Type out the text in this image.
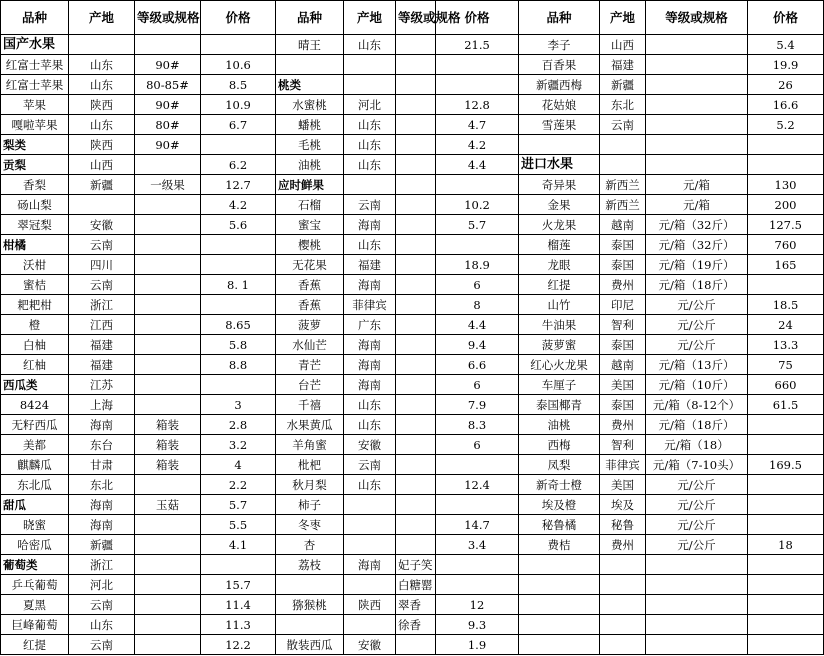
品种	产地	等级或规格	价格	品种	产地	等级或规格	价格	品种	产地	等级或规格	价格
国产水果				晴王	山东		21.5	李子	山西		5.4
红富士苹果	山东	90#	10.6					百香果	福建		19.9
红富士苹果	山东	80-85#	8.5	桃类				新疆西梅	新疆		26
苹果	陕西	90#	10.9	水蜜桃	河北		12.8	花姑娘	东北		16.6
嘎啦苹果	山东	80#	6.7	蟠桃	山东		4.7	雪莲果	云南		5.2
梨类	陕西	90#		毛桃	山东		4.2				
贡梨	山西		6.2	油桃	山东		4.4	进口水果			
香梨	新疆	一级果	12.7	应时鲜果				奇异果	新西兰	元/箱	130
砀山梨			4.2	石榴	云南		10.2	金果	新西兰	元/箱	200
翠冠梨	安徽		5.6	蜜宝	海南		5.7	火龙果	越南	元/箱（32斤）	127.5
柑橘	云南			樱桃	山东			榴莲	泰国	元/箱（32斤）	760
沃柑	四川			无花果	福建		18.9	龙眼	泰国	元/箱（19斤）	165
蜜桔	云南		8. 1	香蕉	海南		6	红提	费州	元/箱（18斤）	
耙耙柑	浙江			香蕉	菲律宾		8	山竹	印尼	元/公斤	18.5
橙	江西		8.65	菠萝	广东		4.4	牛油果	智利	元/公斤	24
白柚	福建		5.8	水仙芒	海南		9.4	菠萝蜜	泰国	元/公斤	13.3
红柚	福建		8.8	青芒	海南		6.6	红心火龙果	越南	元/箱（13斤）	75
西瓜类	江苏			台芒	海南		6	车厘子	美国	元/箱（10斤）	660
8424	上海		3	千禧	山东		7.9	泰国椰青	泰国	元/箱（8-12个）	61.5
无籽西瓜	海南	箱装	2.8	水果黄瓜	山东		8.3	油桃	费州	元/箱（18斤）	
美都	东台	箱装	3.2	羊角蜜	安徽		6	西梅	智利	元/箱（18）	
麒麟瓜	甘肃	箱装	4	枇杷	云南			凤梨	菲律宾	元/箱（7-10头）	169.5
东北瓜	东北		2.2	秋月梨	山东		12.4	新奇士橙	美国	元/公斤	
甜瓜	海南	玉菇	5.7	柿子				埃及橙	埃及	元/公斤	
晓蜜	海南		5.5	冬枣			14.7	秘鲁橘	秘鲁	元/公斤	
哈密瓜	新疆		4.1	杏			3.4	费桔	费州	元/公斤	18
葡萄类	浙江			荔枝	海南	妃子笑					
乒乓葡萄	河北		15.7			白糖罂					
夏黑	云南		11.4	猕猴桃	陕西	翠香	12				
巨峰葡萄	山东		11.3			徐香	9.3				
红提	云南		12.2	散装西瓜	安徽		1.9				
